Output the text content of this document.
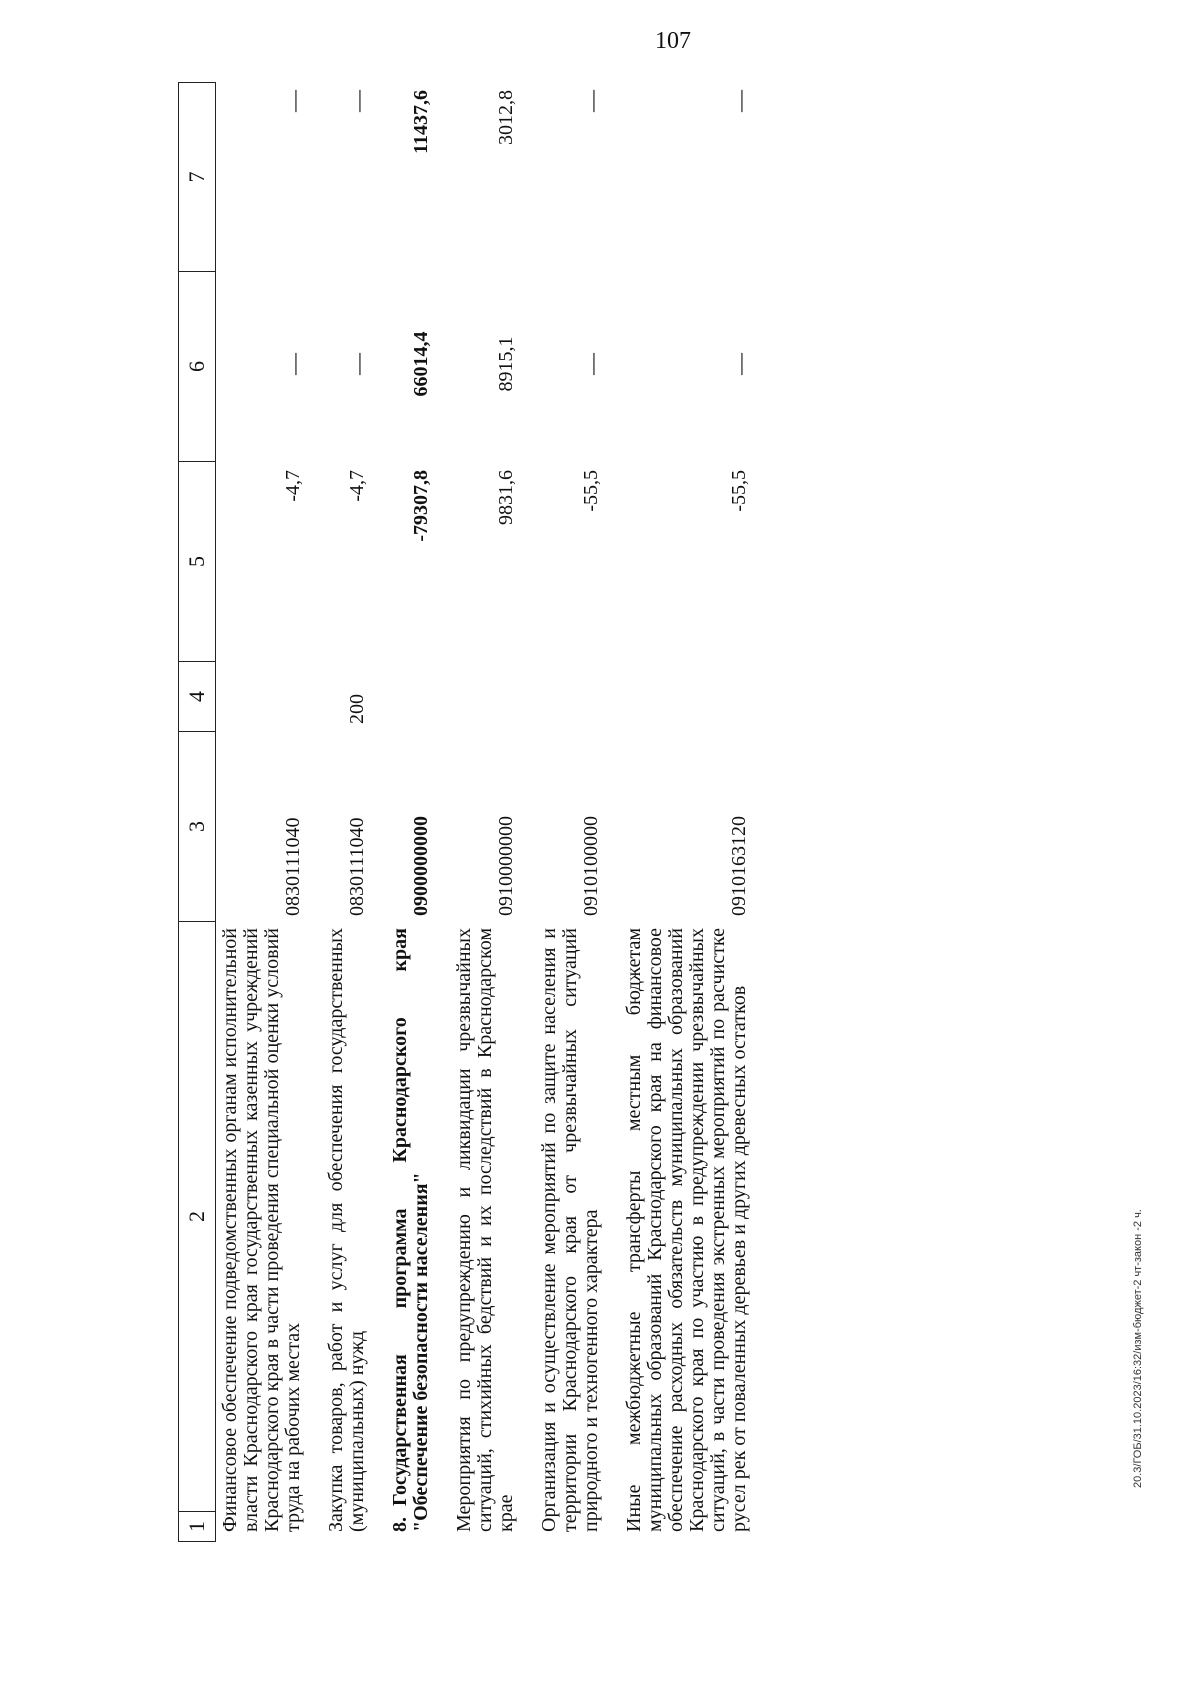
107
20.3/ГОБ/31.10.2023/16:32/изм-бюджет-2 чт-закон -2 ч.
1
2
3
4
5
6
7
Финансовое обеспечение подведомственных органам исполнительной власти Краснодарского края государственных казенных учреждений Краснодарского края в части проведения специальной оценки условий труда на рабочих местах
0830111040
-4,7
—
—
Закупка товаров, работ и услуг для обеспечения государственных (муниципальных) нужд
0830111040
200
-4,7
—
—
8.Государственная программа Краснодарского края "Обеспечение безопасности населения"
0900000000
-79307,8
66014,4
11437,6
Мероприятия по предупреждению и ликвидации чрезвычайных ситуаций, стихийных бедствий и их последствий в Краснодарском крае
0910000000
9831,6
8915,1
3012,8
Организация и осуществление мероприятий по защите населения и территории Краснодарского края от чрезвычайных ситуаций природного и техногенного характера
0910100000
-55,5
—
—
Иные межбюджетные трансферты местным бюджетам муниципальных образований Краснодарского края на финансовое обеспечение расходных обязательств муниципальных образований Краснодарского края по участию в предупреждении чрезвычайных ситуаций, в части проведения экстренных мероприятий по расчистке русел рек от поваленных деревьев и других древесных остатков
0910163120
-55,5
—
—
